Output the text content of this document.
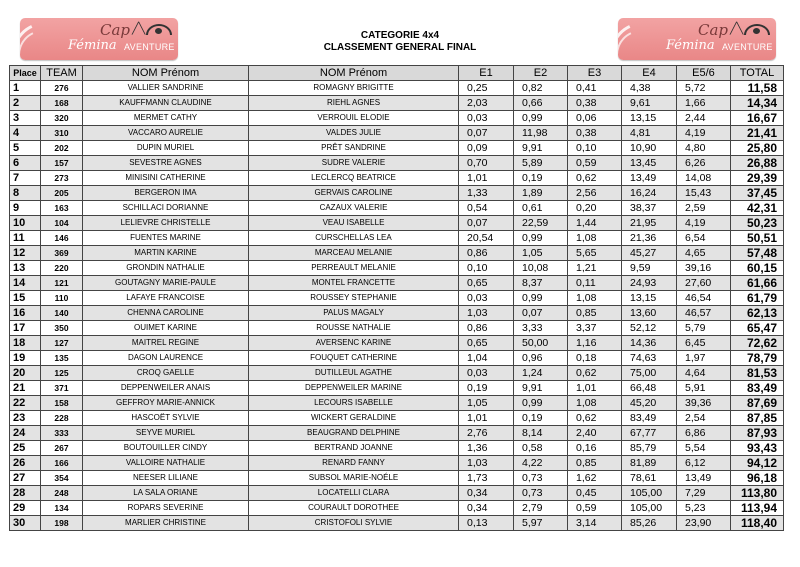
Cap ╱╲
Fémina AVENTURE
Cap ╱╲
Fémina AVENTURE
CATEGORIE 4x4
CLASSEMENT GENERAL FINAL
Place	TEAM	NOM Prénom	NOM Prénom	E1	E2	E3	E4	E5/6	TOTAL
1	276	VALLIER SANDRINE	ROMAGNY BRIGITTE	0,25	0,82	0,41	4,38	5,72	11,58
2	168	KAUFFMANN CLAUDINE	RIEHL AGNES	2,03	0,66	0,38	9,61	1,66	14,34
3	320	MERMET CATHY	VERROUIL ELODIE	0,03	0,99	0,06	13,15	2,44	16,67
4	310	VACCARO AURELIE	VALDES JULIE	0,07	11,98	0,38	4,81	4,19	21,41
5	202	DUPIN MURIEL	PRÊT SANDRINE	0,09	9,91	0,10	10,90	4,80	25,80
6	157	SEVESTRE AGNES	SUDRE VALERIE	0,70	5,89	0,59	13,45	6,26	26,88
7	273	MINISINI CATHERINE	LECLERCQ BEATRICE	1,01	0,19	0,62	13,49	14,08	29,39
8	205	BERGERON IMA	GERVAIS CAROLINE	1,33	1,89	2,56	16,24	15,43	37,45
9	163	SCHILLACI DORIANNE	CAZAUX VALERIE	0,54	0,61	0,20	38,37	2,59	42,31
10	104	LELIEVRE CHRISTELLE	VEAU ISABELLE	0,07	22,59	1,44	21,95	4,19	50,23
11	146	FUENTES MARINE	CURSCHELLAS LEA	20,54	0,99	1,08	21,36	6,54	50,51
12	369	MARTIN KARINE	MARCEAU MELANIE	0,86	1,05	5,65	45,27	4,65	57,48
13	220	GRONDIN NATHALIE	PERREAULT MELANIE	0,10	10,08	1,21	9,59	39,16	60,15
14	121	GOUTAGNY MARIE-PAULE	MONTEL FRANCETTE	0,65	8,37	0,11	24,93	27,60	61,66
15	110	LAFAYE FRANCOISE	ROUSSEY STEPHANIE	0,03	0,99	1,08	13,15	46,54	61,79
16	140	CHENNA CAROLINE	PALUS MAGALY	1,03	0,07	0,85	13,60	46,57	62,13
17	350	OUIMET KARINE	ROUSSE NATHALIE	0,86	3,33	3,37	52,12	5,79	65,47
18	127	MAITREL REGINE	AVERSENC KARINE	0,65	50,00	1,16	14,36	6,45	72,62
19	135	DAGON LAURENCE	FOUQUET CATHERINE	1,04	0,96	0,18	74,63	1,97	78,79
20	125	CROQ GAELLE	DUTILLEUL AGATHE	0,03	1,24	0,62	75,00	4,64	81,53
21	371	DEPPENWEILER ANAIS	DEPPENWEILER MARINE	0,19	9,91	1,01	66,48	5,91	83,49
22	158	GEFFROY MARIE-ANNICK	LECOURS ISABELLE	1,05	0,99	1,08	45,20	39,36	87,69
23	228	HASCOËT SYLVIE	WICKERT GERALDINE	1,01	0,19	0,62	83,49	2,54	87,85
24	333	SEYVE MURIEL	BEAUGRAND DELPHINE	2,76	8,14	2,40	67,77	6,86	87,93
25	267	BOUTOUILLER CINDY	BERTRAND JOANNE	1,36	0,58	0,16	85,79	5,54	93,43
26	166	VALLOIRE NATHALIE	RENARD FANNY	1,03	4,22	0,85	81,89	6,12	94,12
27	354	NEESER LILIANE	SUBSOL MARIE-NOÉLE	1,73	0,73	1,62	78,61	13,49	96,18
28	248	LA SALA ORIANE	LOCATELLI CLARA	0,34	0,73	0,45	105,00	7,29	113,80
29	134	ROPARS SEVERINE	COURAULT DOROTHEE	0,34	2,79	0,59	105,00	5,23	113,94
30	198	MARLIER CHRISTINE	CRISTOFOLI SYLVIE	0,13	5,97	3,14	85,26	23,90	118,40
